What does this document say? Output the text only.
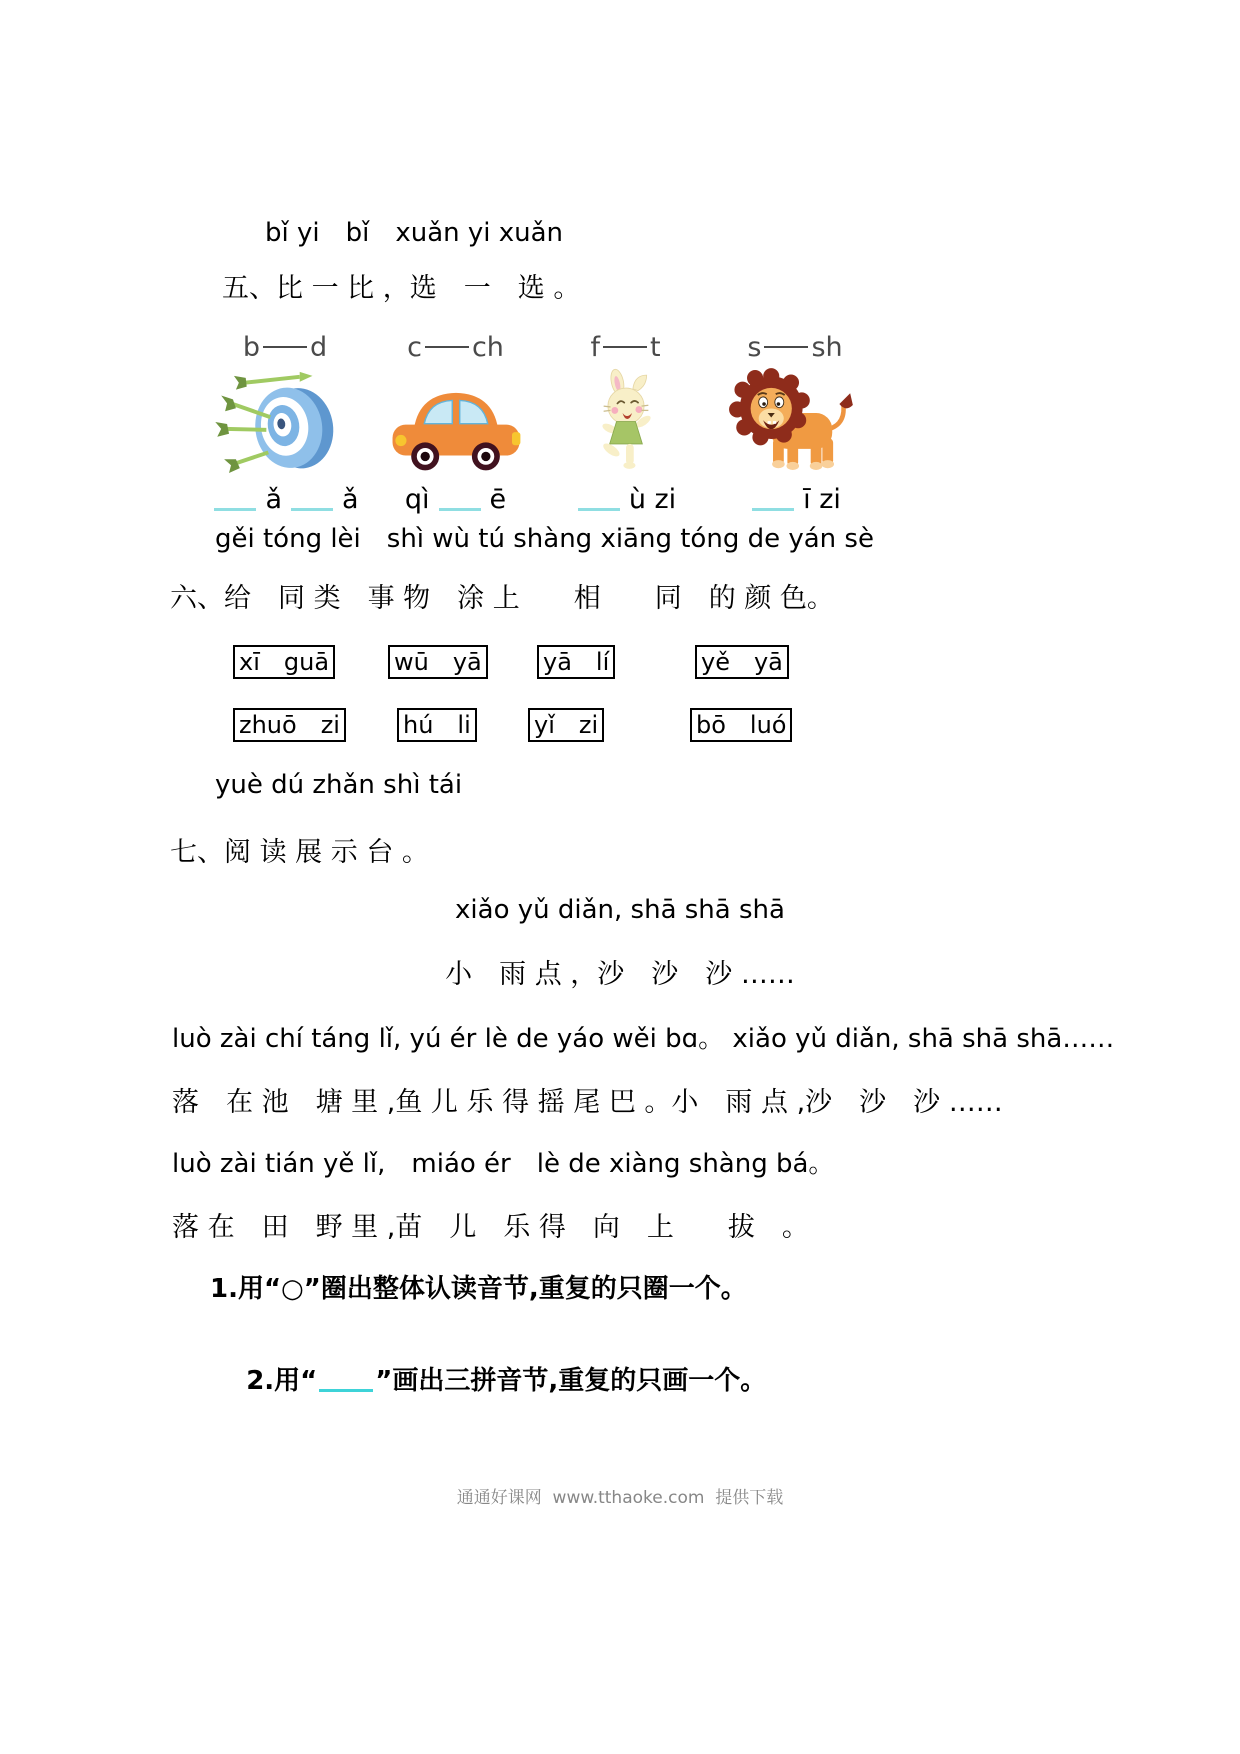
bǐ yi　bǐ　xuǎn yi xuǎn
五、比 一 比 ，选　一　选 。
b d
ǎ ǎ
c ch
qì ē
f t
ù zi
s sh
ī zi
gěi tóng lèi　shì wù tú shàng xiāng tóng de yán sè
六、给　同 类　事 物　涂 上　　相　　同　的 颜 色。
xī　guā	wū　yā	yā　lí	yě　yā
zhuō　zi	hú　li	yǐ　zi	bō　luó
yuè dú zhǎn shì tái
七、阅 读 展 示 台 。
xiǎo yǔ diǎn, shā shā shā
小　雨 点 ，沙　沙　沙 ……
luò zài chí táng lǐ, yú ér lè de yáo wěi bɑ。 xiǎo yǔ diǎn, shā shā shā……
落　在 池　塘 里 ,鱼 儿 乐 得 摇 尾 巴 。小　雨 点 ,沙　沙　沙 ……
luò zài tián yě lǐ,　miáo ér　lè de xiàng shàng bá。
落 在　田　野 里 ,苗　儿　乐 得　向　上　　拔　。
1.用“○”圈出整体认读音节,重复的只圈一个。

2.用“ ”画出三拼音节,重复的只画一个。

通通好课网  www.tthaoke.com  提供下载
